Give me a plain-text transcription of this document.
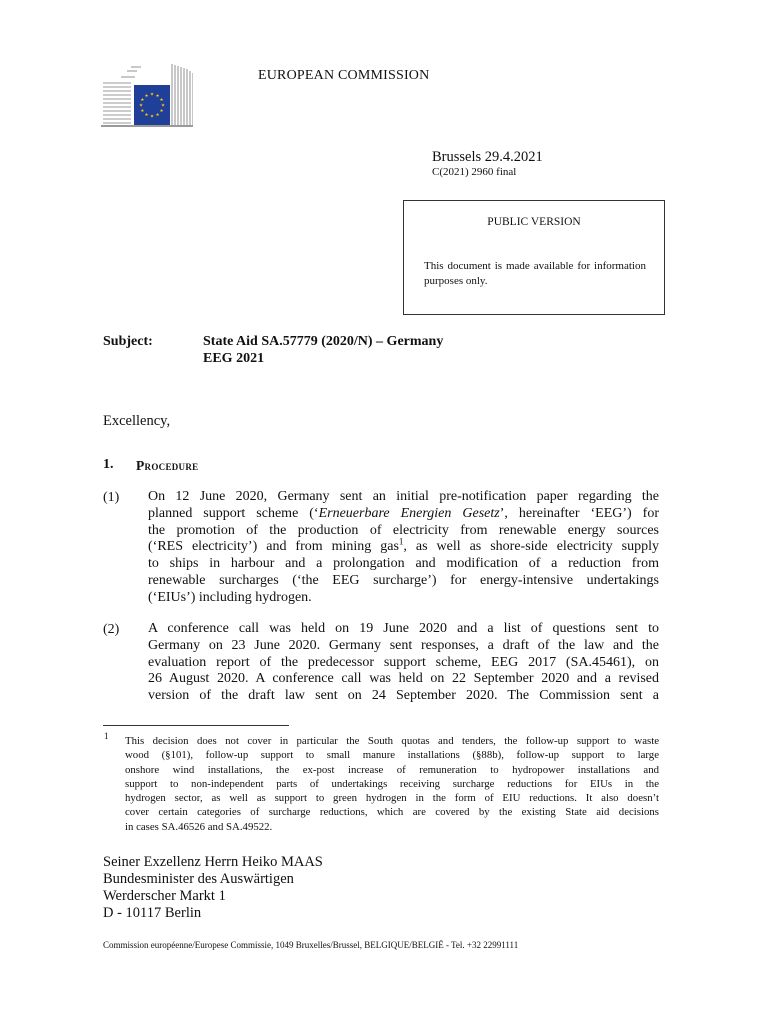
★ ★
★
★
★
★
★
★
★
★
★
★
EUROPEAN COMMISSION
Brussels 29.4.2021
C(2021) 2960 final
PUBLIC VERSION
This document is made available for information purposes only.
Subject:	State Aid SA.57779 (2020/N) – Germany
EEG 2021
Excellency,
1. Procedure
(1) On 12 June 2020, Germany sent an initial pre-notification paper regarding the
planned support scheme (‘Erneuerbare Energien Gesetz’, hereinafter ‘EEG’) for
the promotion of the production of electricity from renewable energy sources
(‘RES electricity’) and from mining gas$^1$, as well as shore-side electricity supply
to ships in harbour and a prolongation and modification of a reduction from
renewable surcharges (‘the EEG surcharge’) for energy-intensive undertakings
(‘EIUs’) including hydrogen.
(2) A conference call was held on 19 June 2020 and a list of questions sent to
Germany on 23 June 2020. Germany sent responses, a draft of the law and the
evaluation report of the predecessor support scheme, EEG 2017 (SA.45461), on
26 August 2020. A conference call was held on 22 September 2020 and a revised
version of the draft law sent on 24 September 2020. The Commission sent a
1 This decision does not cover in particular the South quotas and tenders, the follow-up support to waste
wood (§101), follow-up support to small manure installations (§88b), follow-up support to large
onshore wind installations, the ex-post increase of remuneration to hydropower installations and
support to non-independent parts of undertakings receiving surcharge reductions for EIUs in the
hydrogen sector, as well as support to green hydrogen in the form of EIU reductions. It also doesn’t
cover certain categories of surcharge reductions, which are covered by the existing State aid decisions
in cases SA.46526 and SA.49522.
Seiner Exzellenz Herrn Heiko MAAS
Bundesminister des Auswärtigen
Werderscher Markt 1
D - 10117 Berlin
Commission européenne/Europese Commissie, 1049 Bruxelles/Brussel, BELGIQUE/BELGIË - Tel. +32 22991111
